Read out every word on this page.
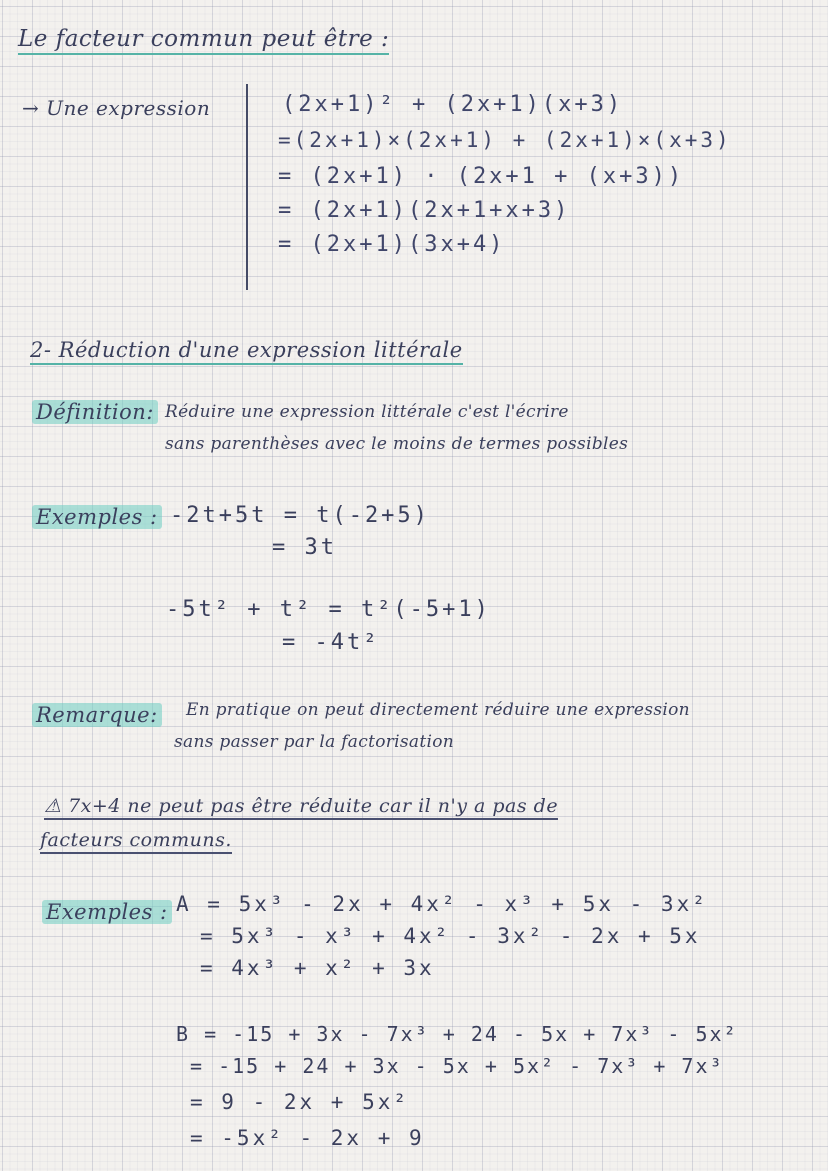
Le facteur commun peut être :
→ Une expression	(2x+1)² + (2x+1)(x+3)
=(2x+1)×(2x+1) + (2x+1)×(x+3)
= (2x+1) · (2x+1 + (x+3))
= (2x+1)(2x+1+x+3)
= (2x+1)(3x+4)
2- Réduction d'une expression littérale
Définition: Réduire une expression littérale c'est l'écrire
sans parenthèses avec le moins de termes possibles
Exemples : -2t+5t = t(-2+5)
= 3t
-5t² + t² = t²(-5+1)
= -4t²
Remarque: En pratique on peut directement réduire une expression
sans passer par la factorisation
⚠ 7x+4 ne peut pas être réduite car il n'y a pas de
facteurs communs.
Exemples : A = 5x³ - 2x + 4x² - x³ + 5x - 3x²
= 5x³ - x³ + 4x² - 3x² - 2x + 5x
= 4x³ + x² + 3x
B = -15 + 3x - 7x³ + 24 - 5x + 7x³ - 5x²
= -15 + 24 + 3x - 5x + 5x² - 7x³ + 7x³
= 9 - 2x + 5x²
= -5x² - 2x + 9
